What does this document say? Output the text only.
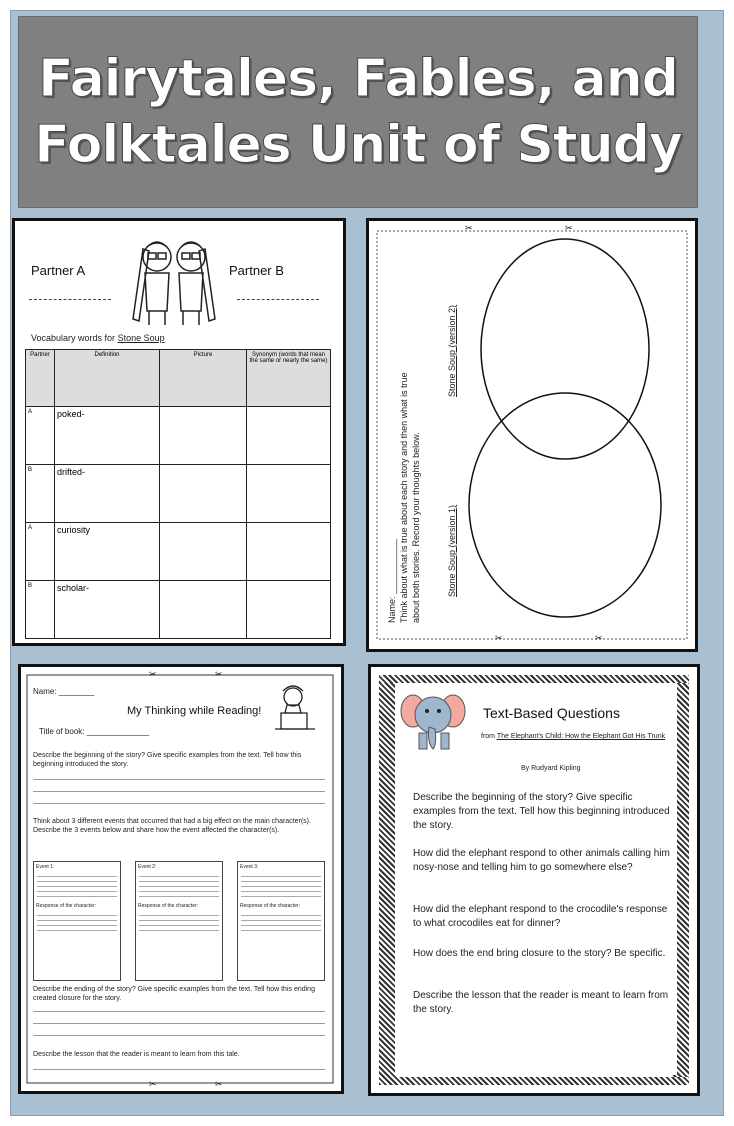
Fairytales, Fables, and
Folktales Unit of Study
Partner A	Partner B
Vocabulary words for Stone Soup
Partner	Definition	Picture	Synonym (words that mean the same or nearly the same)
A	poked-		
B	drifted-		
A	curiosity		
B	scholar-		
✂	✂
✂	✂
Name: ___________ Think about what is true about each story and then what is true about both stories. Record your thoughts below.	Stone Soup (version 1)
Stone Soup (version 2)
✂	✂
✂	✂
Name: ________
My Thinking while Reading!
Title of book: ______________
Describe the beginning of the story? Give specific examples from the text. Tell how this beginning introduced the story.
Think about 3 different events that occurred that had a big effect on the main character(s). Describe the 3 events below and share how the event affected the character(s).
Event 1:
Response of the character:
Event 2:
Response of the character:
Event 3:
Response of the character:
Describe the ending of the story? Give specific examples from the text. Tell how this ending created closure for the story.
Describe the lesson that the reader is meant to learn from this tale.
Text-Based Questions
from The Elephant's Child: How the Elephant Got His Trunk
By Rudyard Kipling
Describe the beginning of the story? Give specific examples from the text. Tell how this beginning introduced the story.
How did the elephant respond to other animals calling him nosy-nose and telling him to go somewhere else?
How did the elephant respond to the crocodile's response to what crocodiles eat for dinner?
How does the end bring closure to the story? Be specific.
Describe the lesson that the reader is meant to learn from the story.
